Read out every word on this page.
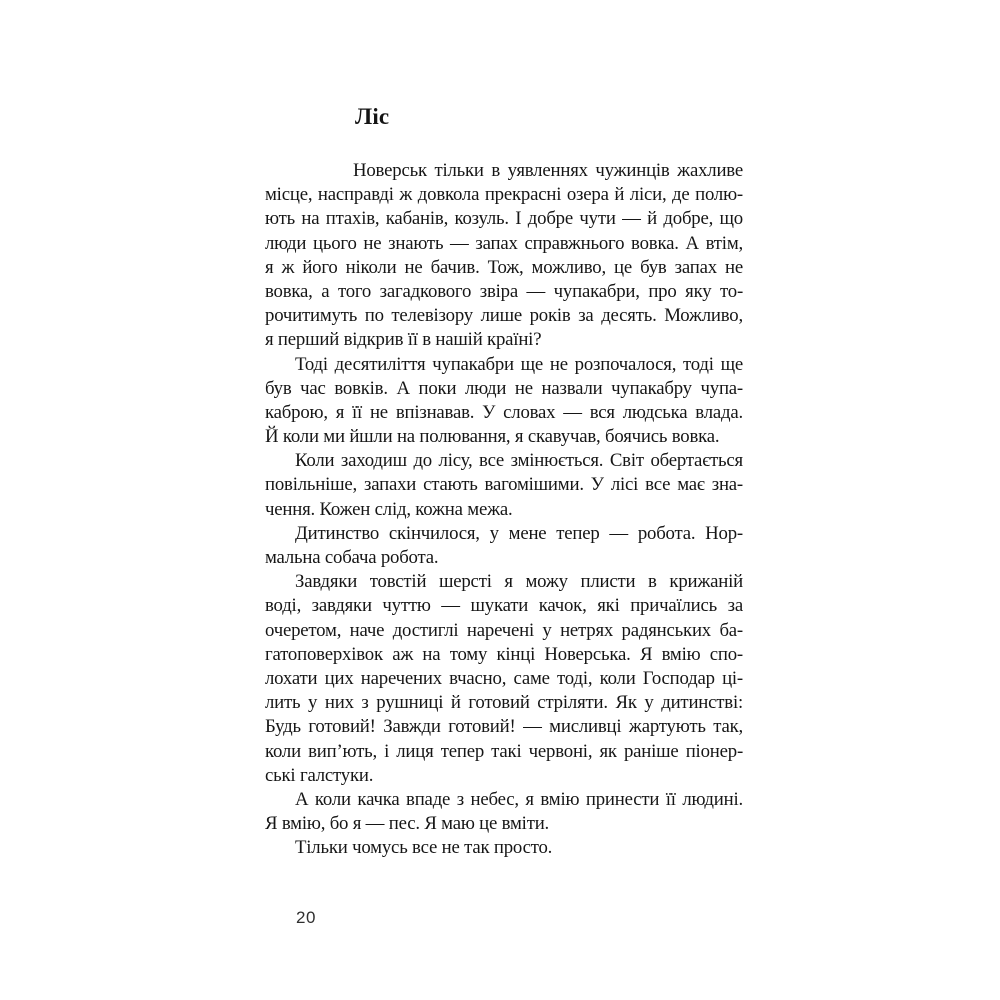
Ліс
Новерськ тільки в уявленнях чужинців жахливе
місце, насправді ж довкола прекрасні озера й ліси, де полю-
ють на птахів, кабанів, козуль. І добре чути — й добре, що
люди цього не знають — запах справжнього вовка. А втім,
я ж його ніколи не бачив. Тож, можливо, це був запах не
вовка, а того загадкового звіра — чупакабри, про яку то-
рочитимуть по телевізору лише років за десять. Можливо,
я перший відкрив її в нашій країні?
Тоді десятиліття чупакабри ще не розпочалося, тоді ще
був час вовків. А поки люди не назвали чупакабру чупа-
каброю, я її не впізнавав. У словах — вся людська влада.
Й коли ми йшли на полювання, я скавучав, боячись вовка.
Коли заходиш до лісу, все змінюється. Світ обертається
повільніше, запахи стають вагомішими. У лісі все має зна-
чення. Кожен слід, кожна межа.
Дитинство скінчилося, у мене тепер — робота. Нор-
мальна собача робота.
Завдяки товстій шерсті я можу плисти в крижаній
воді, завдяки чуттю — шукати качок, які причаїлись за
очеретом, наче достиглі наречені у нетрях радянських ба-
гатоповерхівок аж на тому кінці Новерська. Я вмію спо-
лохати цих наречених вчасно, саме тоді, коли Господар ці-
лить у них з рушниці й готовий стріляти. Як у дитинстві:
Будь готовий! Завжди готовий! — мисливці жартують так,
коли випʼють, і лиця тепер такі червоні, як раніше піонер-
ські галстуки.
А коли качка впаде з небес, я вмію принести її людині.
Я вмію, бо я — пес. Я маю це вміти.
Тільки чомусь все не так просто.
20
